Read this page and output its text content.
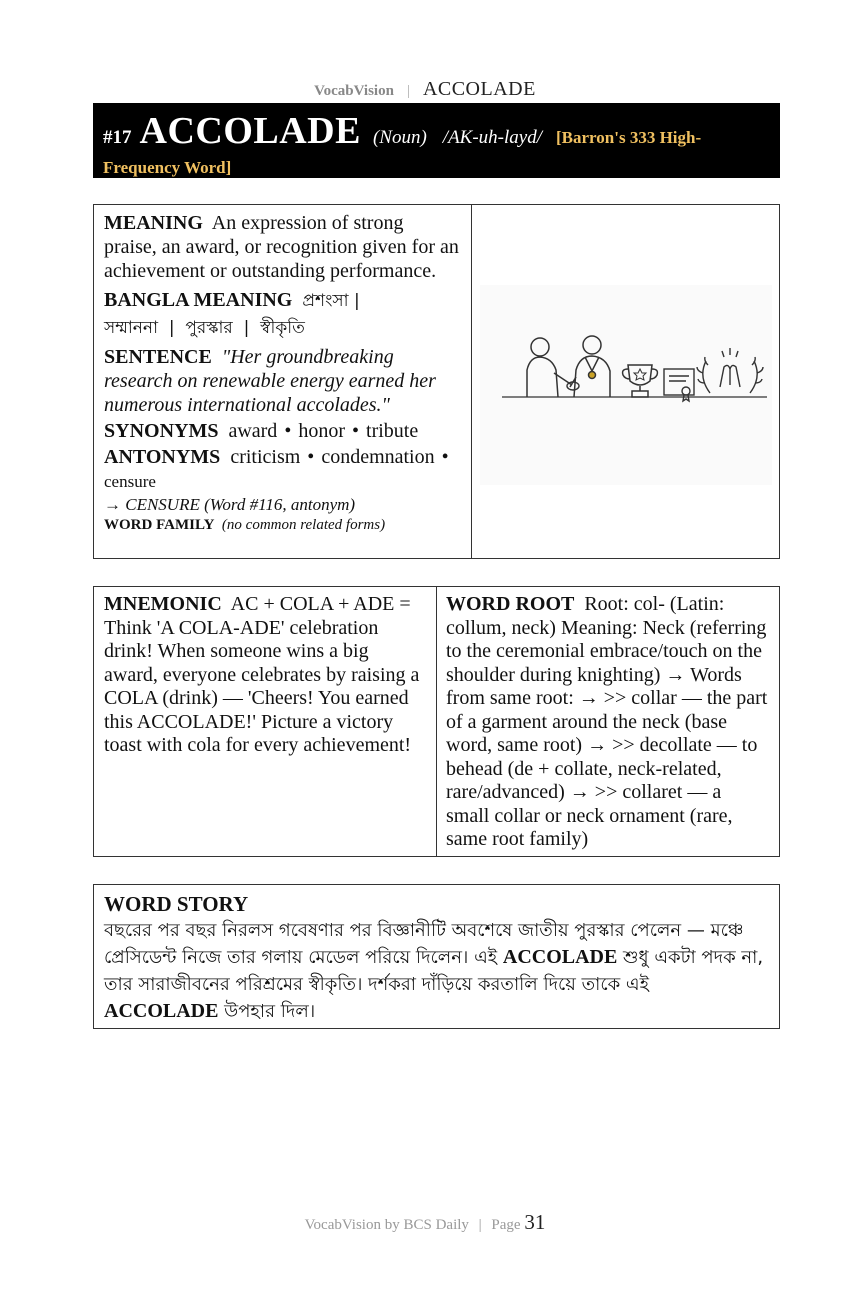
VocabVision | ACCOLADE
#17 ACCOLADE (Noun) /AK-uh-layd/ [Barron's 333 High-
Frequency Word]
MEANING An expression of strong praise, an award, or recognition given for an achievement or outstanding performance.
BANGLA MEANING প্রশংসা |
সম্মাননা  |  পুরস্কার  |  স্বীকৃতি
SENTENCE "Her groundbreaking research on renewable energy earned her numerous international accolades."
SYNONYMS award • honor • tribute
ANTONYMS criticism • condemnation •
censure
→ CENSURE (Word #116, antonym)
WORD FAMILY (no common related forms)
MNEMONIC AC + COLA + ADE = Think 'A COLA-ADE' celebration drink! When someone wins a big award, everyone celebrates by raising a COLA (drink) — 'Cheers! You earned this ACCOLADE!' Picture a victory toast with cola for every achievement!
WORD ROOT Root: col- (Latin: collum, neck) Meaning: Neck (referring to the ceremonial embrace/touch on the shoulder during knighting) → Words from same root: → >> collar — the part of a garment around the neck (base word, same root) → >> decollate — to behead (de + collate, neck-related, rare/advanced) → >> collaret — a small collar or neck ornament (rare, same root family)
WORD STORY
বছরের পর বছর নিরলস গবেষণার পর বিজ্ঞানীটি অবশেষে জাতীয় পুরস্কার পেলেন — মঞ্চে প্রেসিডেন্ট নিজে তার গলায় মেডেল পরিয়ে দিলেন। এই ACCOLADE শুধু একটা পদক না, তার সারাজীবনের পরিশ্রমের স্বীকৃতি। দর্শকরা দাঁড়িয়ে করতালি দিয়ে তাকে এই ACCOLADE উপহার দিল।
VocabVision by BCS Daily | Page 31
